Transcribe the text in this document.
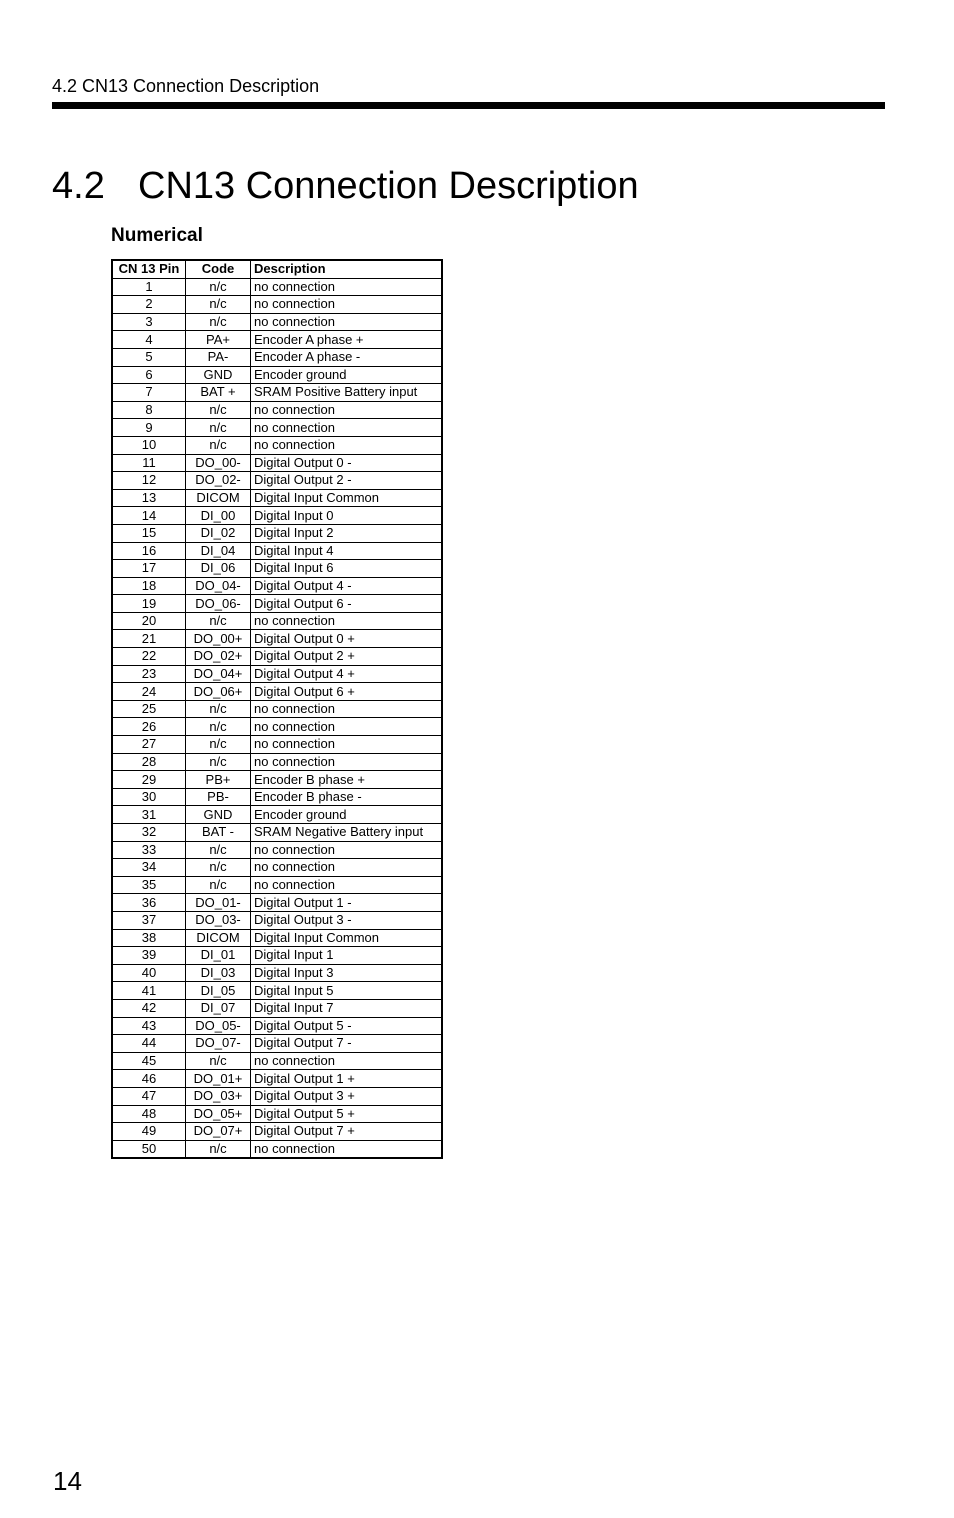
4.2 CN13 Connection Description
4.2 CN13 Connection Description
Numerical
CN 13 Pin	Code	Description
1	n/c	no connection
2	n/c	no connection
3	n/c	no connection
4	PA+	Encoder A phase +
5	PA-	Encoder A phase -
6	GND	Encoder ground
7	BAT +	SRAM Positive Battery input
8	n/c	no connection
9	n/c	no connection
10	n/c	no connection
11	DO_00-	Digital Output 0 -
12	DO_02-	Digital Output 2 -
13	DICOM	Digital Input Common
14	DI_00	Digital Input 0
15	DI_02	Digital Input 2
16	DI_04	Digital Input 4
17	DI_06	Digital Input 6
18	DO_04-	Digital Output 4 -
19	DO_06-	Digital Output 6 -
20	n/c	no connection
21	DO_00+	Digital Output 0 +
22	DO_02+	Digital Output 2 +
23	DO_04+	Digital Output 4 +
24	DO_06+	Digital Output 6 +
25	n/c	no connection
26	n/c	no connection
27	n/c	no connection
28	n/c	no connection
29	PB+	Encoder B phase +
30	PB-	Encoder B phase -
31	GND	Encoder ground
32	BAT -	SRAM Negative Battery input
33	n/c	no connection
34	n/c	no connection
35	n/c	no connection
36	DO_01-	Digital Output 1 -
37	DO_03-	Digital Output 3 -
38	DICOM	Digital Input Common
39	DI_01	Digital Input 1
40	DI_03	Digital Input 3
41	DI_05	Digital Input 5
42	DI_07	Digital Input 7
43	DO_05-	Digital Output 5 -
44	DO_07-	Digital Output 7 -
45	n/c	no connection
46	DO_01+	Digital Output 1 +
47	DO_03+	Digital Output 3 +
48	DO_05+	Digital Output 5 +
49	DO_07+	Digital Output 7 +
50	n/c	no connection
14
